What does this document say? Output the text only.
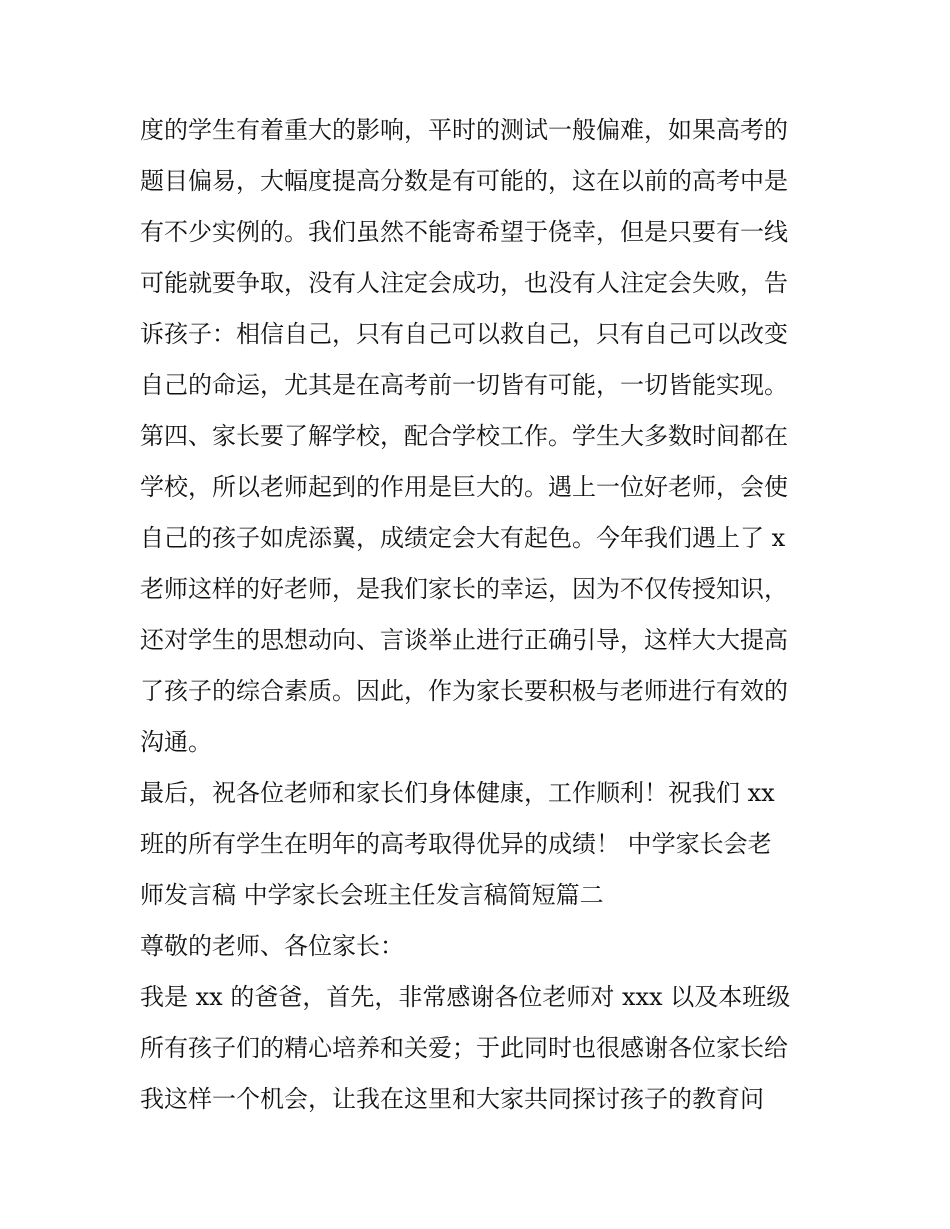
度的学生有着重大的影响，平时的测试一般偏难，如果高考的
题目偏易，大幅度提高分数是有可能的，这在以前的高考中是
有不少实例的。我们虽然不能寄希望于侥幸，但是只要有一线
可能就要争取，没有人注定会成功，也没有人注定会失败，告
诉孩子：相信自己，只有自己可以救自己，只有自己可以改变
自己的命运，尤其是在高考前一切皆有可能，一切皆能实现。
第四、家长要了解学校，配合学校工作。学生大多数时间都在
学校，所以老师起到的作用是巨大的。遇上一位好老师，会使
自己的孩子如虎添翼，成绩定会大有起色。今年我们遇上了 x
老师这样的好老师，是我们家长的幸运，因为不仅传授知识，
还对学生的思想动向、言谈举止进行正确引导，这样大大提高
了孩子的综合素质。因此，作为家长要积极与老师进行有效的
沟通。
最后，祝各位老师和家长们身体健康，工作顺利！祝我们 xx
班的所有学生在明年的高考取得优异的成绩！ 中学家长会老
师发言稿 中学家长会班主任发言稿简短篇二
尊敬的老师、各位家长：
我是 xx 的爸爸，首先，非常感谢各位老师对 xxx 以及本班级
所有孩子们的精心培养和关爱；于此同时也很感谢各位家长给
我这样一个机会，让我在这里和大家共同探讨孩子的教育问
